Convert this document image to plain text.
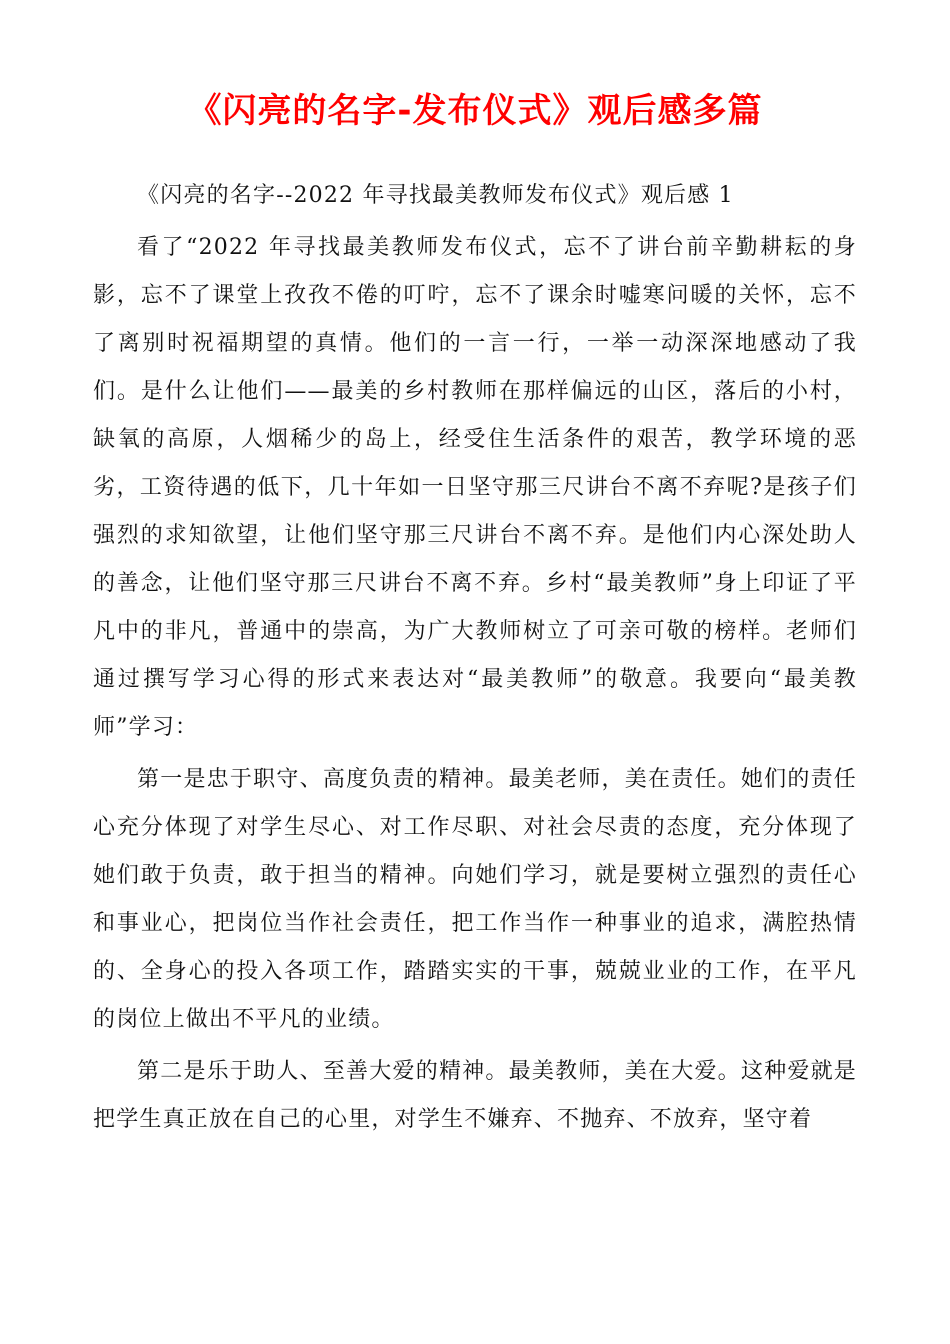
《闪亮的名字-发布仪式》观后感多篇

《闪亮的名字--2022 年寻找最美教师发布仪式》观后感 1

看了“2022 年寻找最美教师发布仪式，忘不了讲台前辛勤耕耘的身影，忘不了课堂上孜孜不倦的叮咛，忘不了课余时嘘寒问暖的关怀，忘不了离别时祝福期望的真情。他们的一言一行，一举一动深深地感动了我们。是什么让他们——最美的乡村教师在那样偏远的山区，落后的小村，缺氧的高原，人烟稀少的岛上，经受住生活条件的艰苦，教学环境的恶劣，工资待遇的低下，几十年如一日坚守那三尺讲台不离不弃呢?是孩子们强烈的求知欲望，让他们坚守那三尺讲台不离不弃。是他们内心深处助人的善念，让他们坚守那三尺讲台不离不弃。乡村“最美教师”身上印证了平凡中的非凡，普通中的崇高，为广大教师树立了可亲可敬的榜样。老师们通过撰写学习心得的形式来表达对“最美教师”的敬意。我要向“最美教师”学习：

第一是忠于职守、高度负责的精神。最美老师，美在责任。她们的责任心充分体现了对学生尽心、对工作尽职、对社会尽责的态度，充分体现了她们敢于负责，敢于担当的精神。向她们学习，就是要树立强烈的责任心和事业心，把岗位当作社会责任，把工作当作一种事业的追求，满腔热情的、全身心的投入各项工作，踏踏实实的干事，兢兢业业的工作，在平凡的岗位上做出不平凡的业绩。

第二是乐于助人、至善大爱的精神。最美教师，美在大爱。这种爱就是把学生真正放在自己的心里，对学生不嫌弃、不抛弃、不放弃，坚守着
